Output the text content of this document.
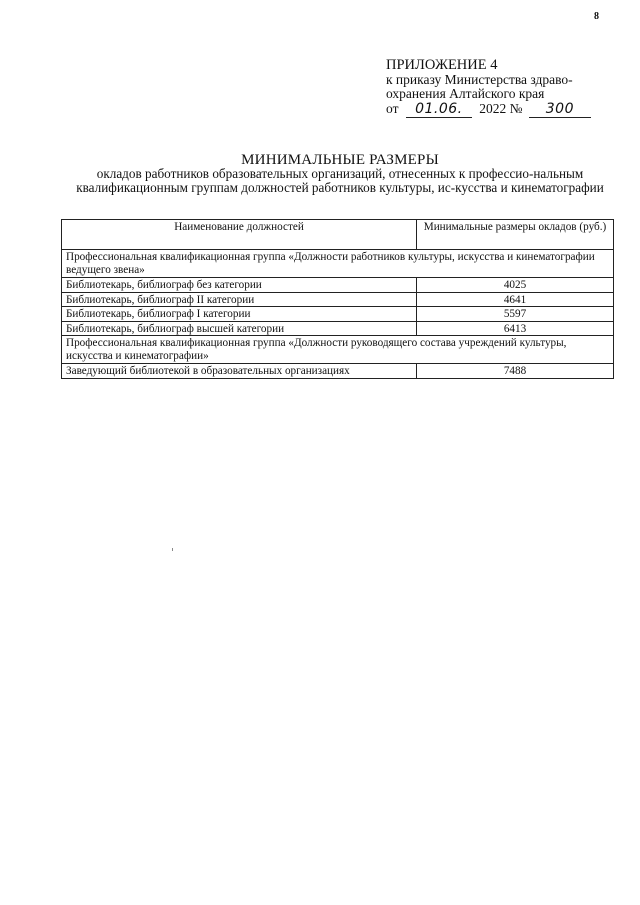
8
ПРИЛОЖЕНИЕ 4
к приказу Министерства здраво-
охранения Алтайского края
от 01.06. 2022 № 300
МИНИМАЛЬНЫЕ РАЗМЕРЫ
окладов работников образовательных организаций, отнесенных к профессио-нальным квалификационным группам должностей работников культуры, ис-кусства и кинематографии
Наименование должностей	Минимальные размеры окладов (руб.)
Профессиональная квалификационная группа «Должности работников культуры, искусства и кинематографии ведущего звена»	
Библиотекарь, библиограф без категории	4025
Библиотекарь, библиограф II категории	4641
Библиотекарь, библиограф I категории	5597
Библиотекарь, библиограф высшей категории	6413
Профессиональная квалификационная группа «Должности руководящего состава учреждений культуры, искусства и кинематографии»	
Заведующий библиотекой в образовательных организациях	7488
